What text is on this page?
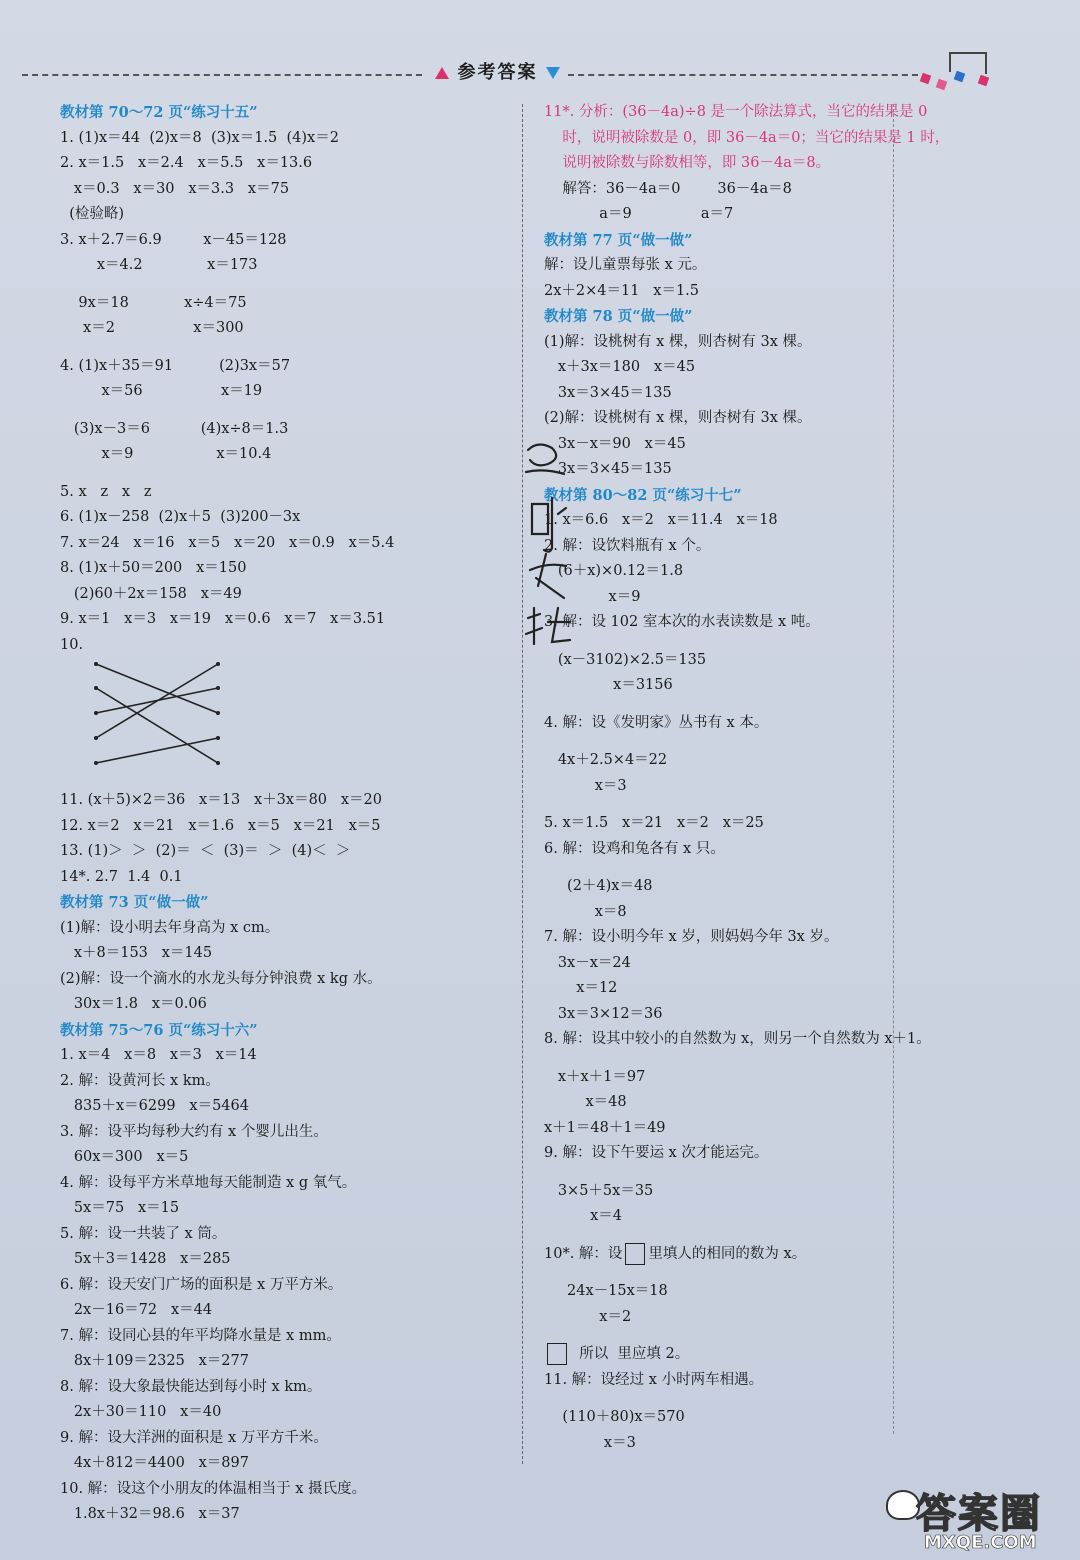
参考答案
教材第 70～72 页“练习十五”
1. (1)x＝44  (2)x＝8  (3)x＝1.5  (4)x＝2
2. x＝1.5   x＝2.4   x＝5.5   x＝13.6
x＝0.3   x＝30   x＝3.3   x＝75
(检验略)
3. x＋2.7＝6.9         x－45＝128
x＝4.2              x＝173
9x＝18            x÷4＝75
x＝2                 x＝300
4. (1)x＋35＝91          (2)3x＝57
x＝56                 x＝19
(3)x－3＝6           (4)x÷8＝1.3
x＝9                  x＝10.4
5. x   z   x   z
6. (1)x－258  (2)x＋5  (3)200－3x
7. x＝24   x＝16   x＝5   x＝20   x＝0.9   x＝5.4
8. (1)x＋50＝200   x＝150
(2)60＋2x＝158   x＝49
9. x＝1   x＝3   x＝19   x＝0.6   x＝7   x＝3.51
10.
11. (x＋5)×2＝36   x＝13   x＋3x＝80   x＝20
12. x＝2   x＝21   x＝1.6   x＝5   x＝21   x＝5
13. (1)＞  ＞  (2)＝  ＜  (3)＝  ＞  (4)＜  ＞
14*. 2.7  1.4  0.1
教材第 73 页“做一做”
(1)解：设小明去年身高为 x cm。
x＋8＝153   x＝145
(2)解：设一个滴水的水龙头每分钟浪费 x kg 水。
30x＝1.8   x＝0.06
教材第 75～76 页“练习十六”
1. x＝4   x＝8   x＝3   x＝14
2. 解：设黄河长 x km。
835＋x＝6299   x＝5464
3. 解：设平均每秒大约有 x 个婴儿出生。
60x＝300   x＝5
4. 解：设每平方米草地每天能制造 x g 氧气。
5x＝75   x＝15
5. 解：设一共装了 x 筒。
5x＋3＝1428   x＝285
6. 解：设天安门广场的面积是 x 万平方米。
2x－16＝72   x＝44
7. 解：设同心县的年平均降水量是 x mm。
8x＋109＝2325   x＝277
8. 解：设大象最快能达到每小时 x km。
2x＋30＝110   x＝40
9. 解：设大洋洲的面积是 x 万平方千米。
4x＋812＝4400   x＝897
10. 解：设这个小朋友的体温相当于 x 摄氏度。
1.8x＋32＝98.6   x＝37
11*. 分析：(36－4a)÷8 是一个除法算式，当它的结果是 0
时，说明被除数是 0，即 36－4a＝0；当它的结果是 1 时，
说明被除数与除数相等，即 36－4a＝8。
解答：36－4a＝0        36－4a＝8
a＝9               a＝7
教材第 77 页“做一做”
解：设儿童票每张 x 元。
2x＋2×4＝11   x＝1.5
教材第 78 页“做一做”
(1)解：设桃树有 x 棵，则杏树有 3x 棵。
x＋3x＝180   x＝45
3x＝3×45＝135
(2)解：设桃树有 x 棵，则杏树有 3x 棵。
3x－x＝90   x＝45
3x＝3×45＝135
教材第 80～82 页“练习十七”
1. x＝6.6   x＝2   x＝11.4   x＝18
2. 解：设饮料瓶有 x 个。
(6＋x)×0.12＝1.8
x＝9
3. 解：设 102 室本次的水表读数是 x 吨。
(x－3102)×2.5＝135
x＝3156
4. 解：设《发明家》丛书有 x 本。
4x＋2.5×4＝22
x＝3
5. x＝1.5   x＝21   x＝2   x＝25
6. 解：设鸡和兔各有 x 只。
(2＋4)x＝48
x＝8
7. 解：设小明今年 x 岁，则妈妈今年 3x 岁。
3x－x＝24
x＝12
3x＝3×12＝36
8. 解：设其中较小的自然数为 x，则另一个自然数为 x＋1。
x＋x＋1＝97
x＝48
x＋1＝48＋1＝49
9. 解：设下午要运 x 次才能运完。
3×5＋5x＝35
x＝4
10*. 解：设 里填人的相同的数为 x。
24x－15x＝18
x＝2
所以  里应填 2。
11. 解：设经过 x 小时两车相遇。
(110＋80)x＝570
x＝3
答案圈
MXQE.COM
